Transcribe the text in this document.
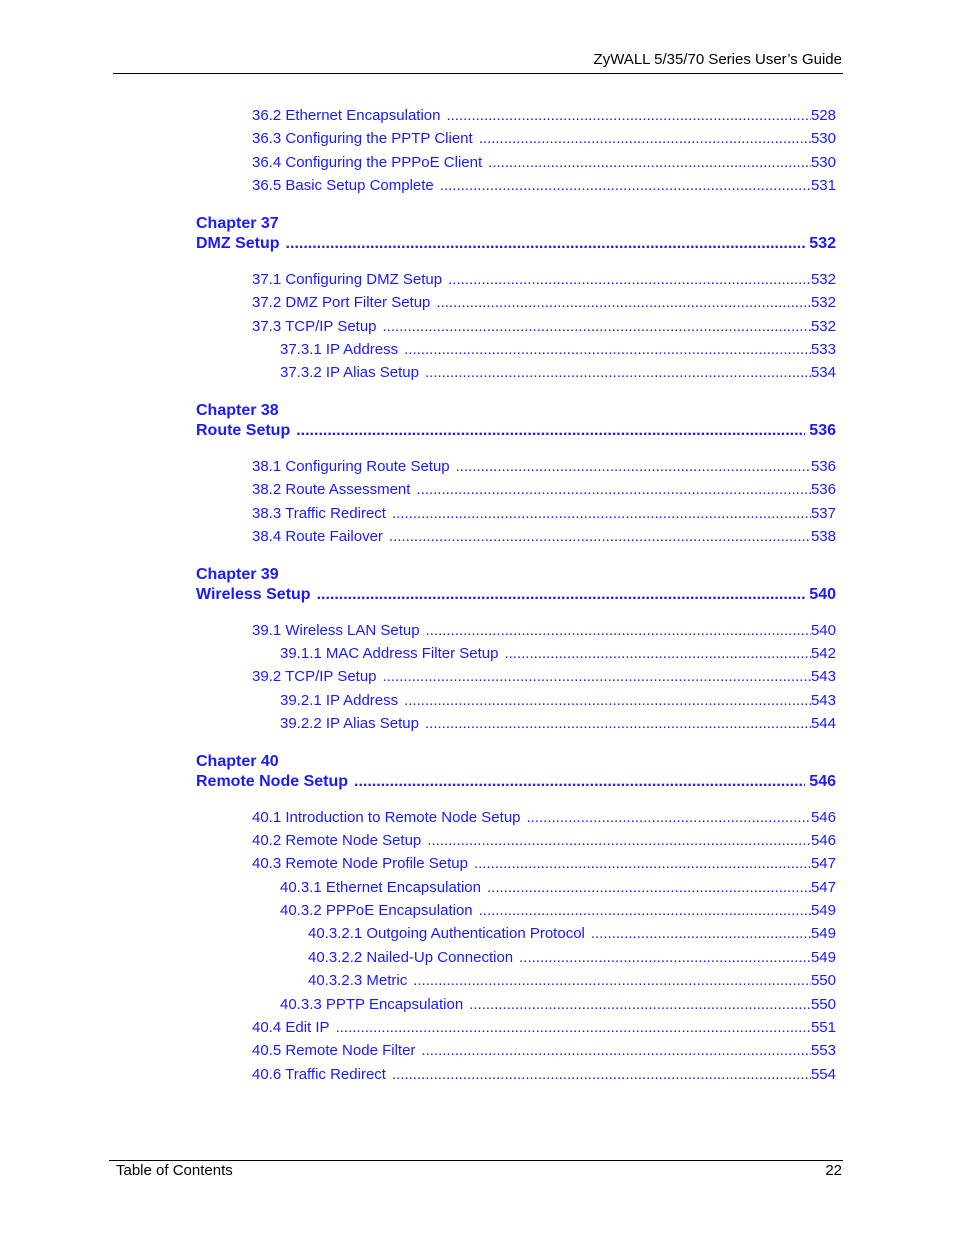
ZyWALL 5/35/70 Series User’s Guide
36.2 Ethernet Encapsulation .....	528
36.3 Configuring the PPTP Client .....	530
36.4 Configuring the PPPoE Client .....	530
36.5 Basic Setup Complete .....	531
Chapter 37
DMZ Setup .....	532
37.1 Configuring DMZ Setup .....	532
37.2 DMZ Port Filter Setup .....	532
37.3 TCP/IP Setup .....	532
37.3.1 IP Address .....	533
37.3.2 IP Alias Setup .....	534
Chapter 38
Route Setup .....	536
38.1 Configuring Route Setup .....	536
38.2 Route Assessment .....	536
38.3 Traffic Redirect .....	537
38.4 Route Failover .....	538
Chapter 39
Wireless Setup .....	540
39.1 Wireless LAN Setup .....	540
39.1.1 MAC Address Filter Setup .....	542
39.2 TCP/IP Setup .....	543
39.2.1 IP Address .....	543
39.2.2 IP Alias Setup .....	544
Chapter 40
Remote Node Setup .....	546
40.1 Introduction to Remote Node Setup .....	546
40.2 Remote Node Setup .....	546
40.3 Remote Node Profile Setup .....	547
40.3.1 Ethernet Encapsulation .....	547
40.3.2 PPPoE Encapsulation .....	549
40.3.2.1 Outgoing Authentication Protocol .....	549
40.3.2.2 Nailed-Up Connection .....	549
40.3.2.3 Metric .....	550
40.3.3 PPTP Encapsulation .....	550
40.4 Edit IP .....	551
40.5 Remote Node Filter .....	553
40.6 Traffic Redirect .....	554
Table of Contents	22
